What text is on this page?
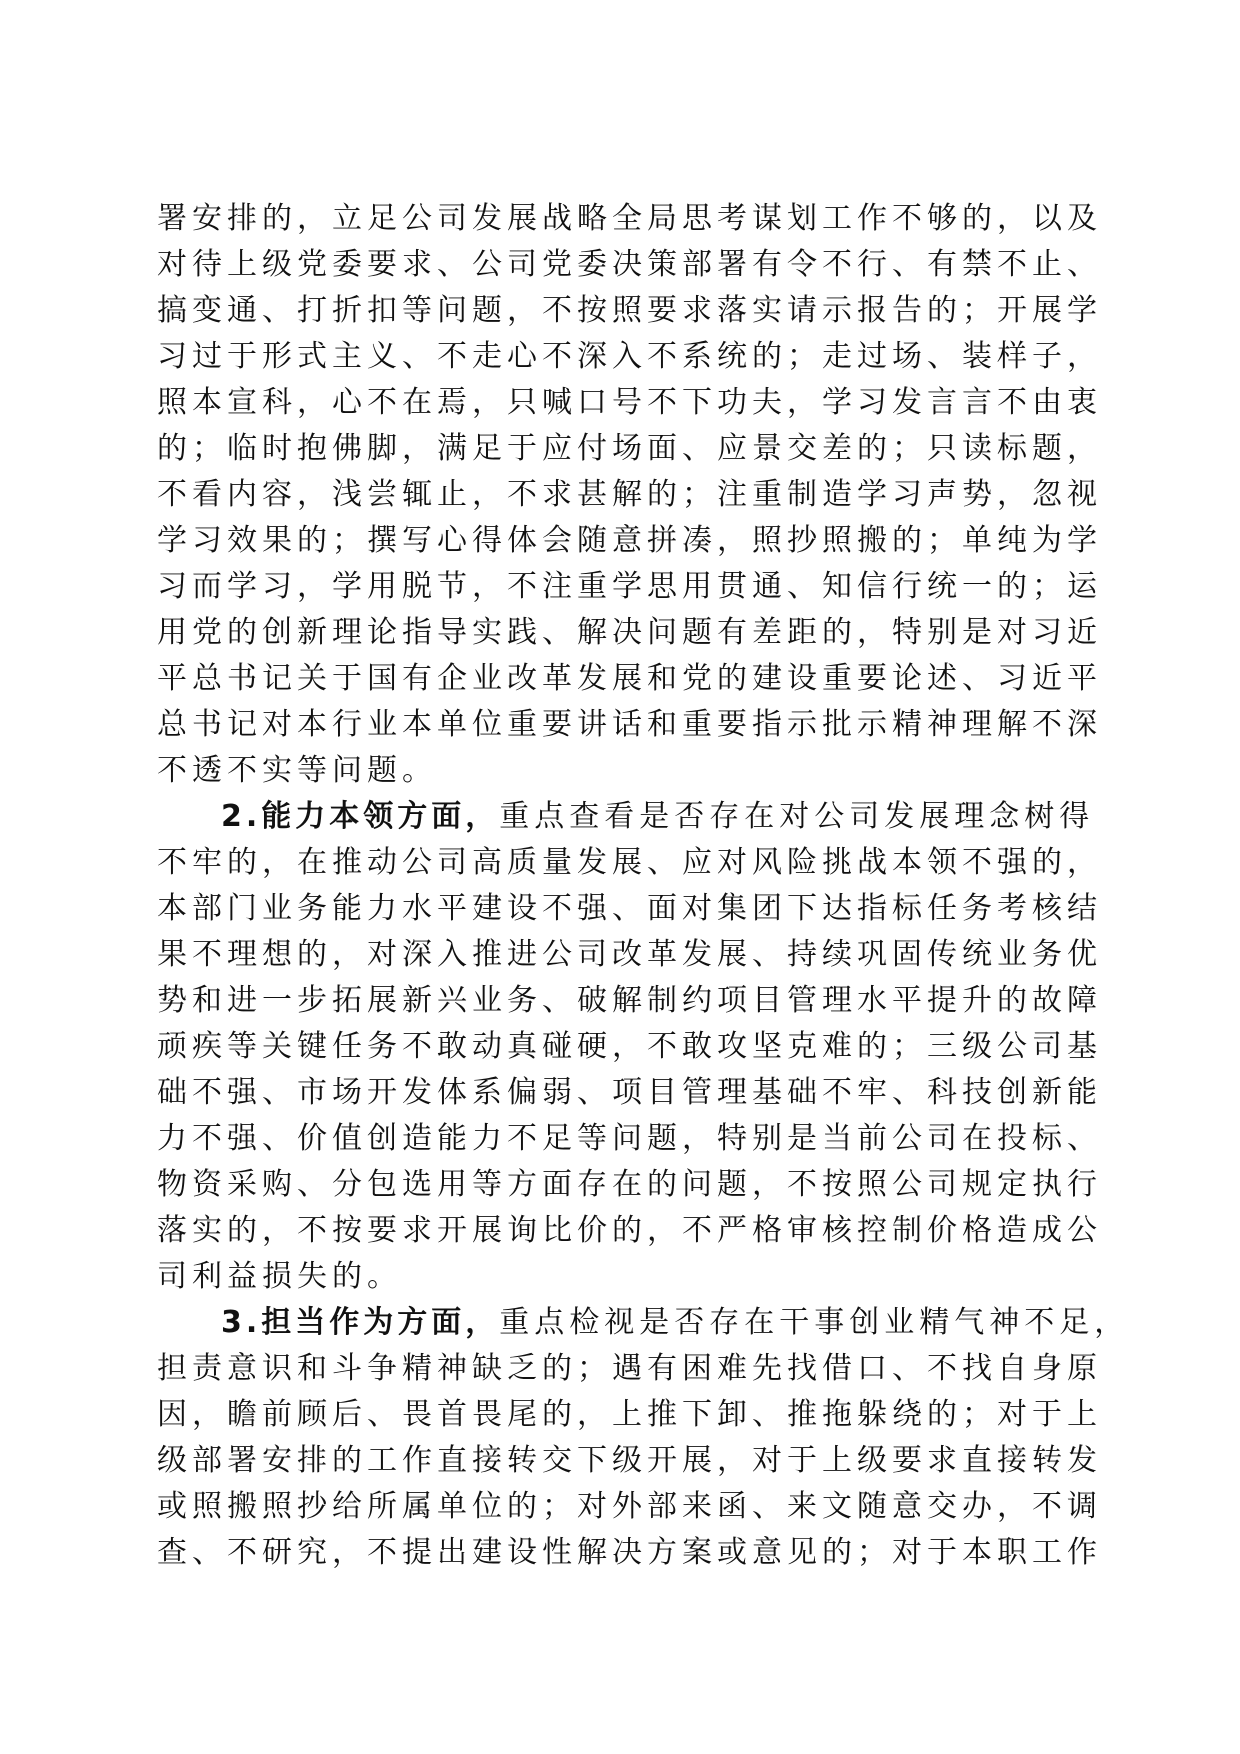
署安排的，立足公司发展战略全局思考谋划工作不够的，以及
对待上级党委要求、公司党委决策部署有令不行、有禁不止、
搞变通、打折扣等问题，不按照要求落实请示报告的；开展学
习过于形式主义、不走心不深入不系统的；走过场、装样子，
照本宣科，心不在焉，只喊口号不下功夫，学习发言言不由衷
的；临时抱佛脚，满足于应付场面、应景交差的；只读标题，
不看内容，浅尝辄止，不求甚解的；注重制造学习声势，忽视
学习效果的；撰写心得体会随意拼凑，照抄照搬的；单纯为学
习而学习，学用脱节，不注重学思用贯通、知信行统一的；运
用党的创新理论指导实践、解决问题有差距的，特别是对习近
平总书记关于国有企业改革发展和党的建设重要论述、习近平
总书记对本行业本单位重要讲话和重要指示批示精神理解不深
不透不实等问题。
2.能力本领方面，重点查看是否存在对公司发展理念树得
不牢的，在推动公司高质量发展、应对风险挑战本领不强的，
本部门业务能力水平建设不强、面对集团下达指标任务考核结
果不理想的，对深入推进公司改革发展、持续巩固传统业务优
势和进一步拓展新兴业务、破解制约项目管理水平提升的故障
顽疾等关键任务不敢动真碰硬，不敢攻坚克难的；三级公司基
础不强、市场开发体系偏弱、项目管理基础不牢、科技创新能
力不强、价值创造能力不足等问题，特别是当前公司在投标、
物资采购、分包选用等方面存在的问题，不按照公司规定执行
落实的，不按要求开展询比价的，不严格审核控制价格造成公
司利益损失的。
3.担当作为方面，重点检视是否存在干事创业精气神不足，
担责意识和斗争精神缺乏的；遇有困难先找借口、不找自身原
因，瞻前顾后、畏首畏尾的，上推下卸、推拖躲绕的；对于上
级部署安排的工作直接转交下级开展，对于上级要求直接转发
或照搬照抄给所属单位的；对外部来函、来文随意交办，不调
查、不研究，不提出建设性解决方案或意见的；对于本职工作
